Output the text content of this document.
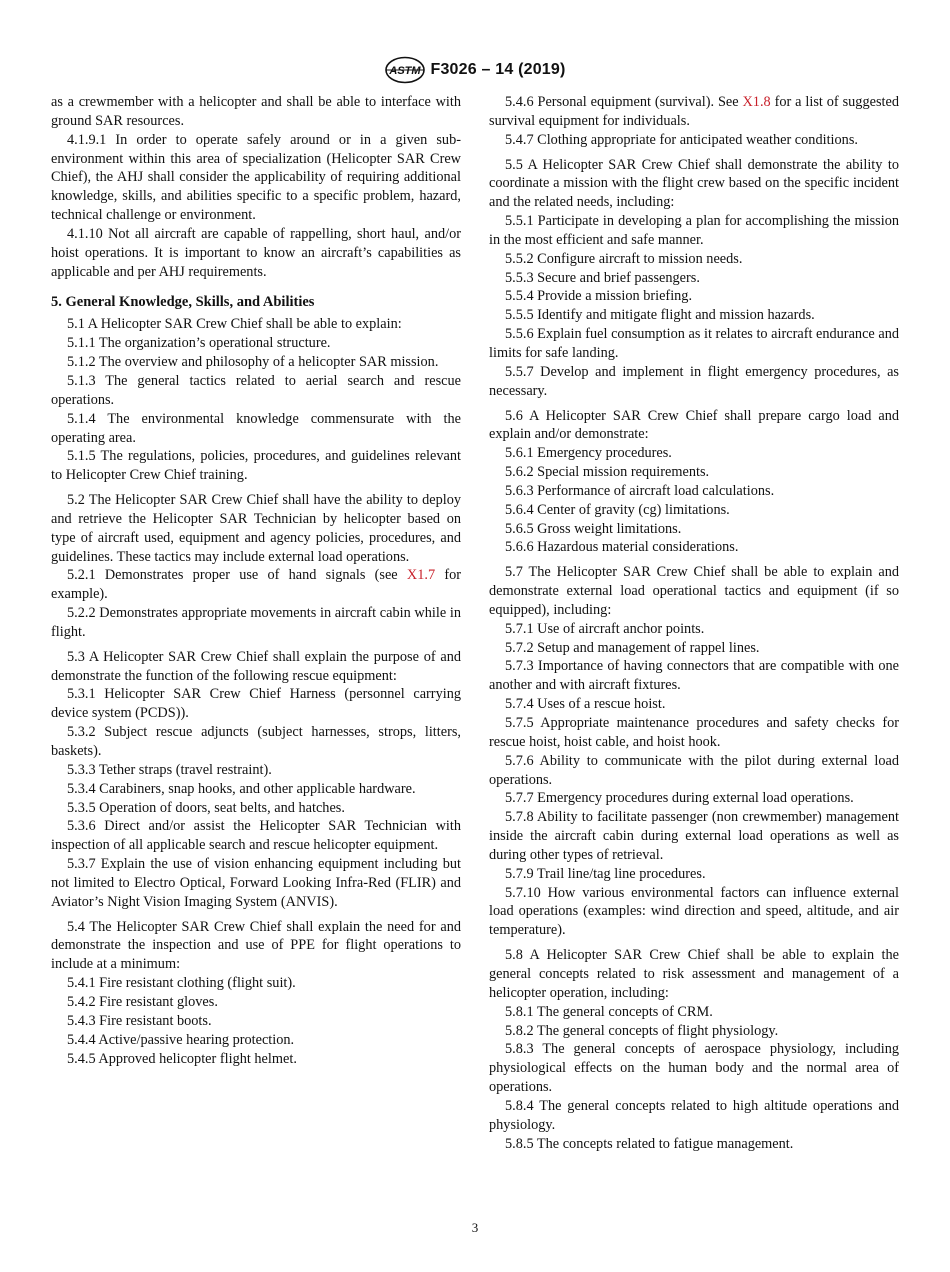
ASTM F3026 – 14 (2019)

as a crewmember with a helicopter and shall be able to interface with ground SAR resources.

4.1.9.1 In order to operate safely around or in a given sub-environment within this area of specialization (Helicopter SAR Crew Chief), the AHJ shall consider the applicability of requiring additional knowledge, skills, and abilities specific to a specific problem, hazard, technical challenge or environment.

4.1.10 Not all aircraft are capable of rappelling, short haul, and/or hoist operations. It is important to know an aircraft’s capabilities as applicable and per AHJ requirements.

5. General Knowledge, Skills, and Abilities

5.1 A Helicopter SAR Crew Chief shall be able to explain:

5.1.1 The organization’s operational structure.

5.1.2 The overview and philosophy of a helicopter SAR mission.

5.1.3 The general tactics related to aerial search and rescue operations.

5.1.4 The environmental knowledge commensurate with the operating area.

5.1.5 The regulations, policies, procedures, and guidelines relevant to Helicopter Crew Chief training.

5.2 The Helicopter SAR Crew Chief shall have the ability to deploy and retrieve the Helicopter SAR Technician by helicopter based on type of aircraft used, equipment and agency policies, procedures, and guidelines. These tactics may include external load operations.

5.2.1 Demonstrates proper use of hand signals (see X1.7 for example).

5.2.2 Demonstrates appropriate movements in aircraft cabin while in flight.

5.3 A Helicopter SAR Crew Chief shall explain the purpose of and demonstrate the function of the following rescue equipment:

5.3.1 Helicopter SAR Crew Chief Harness (personnel carrying device system (PCDS)).

5.3.2 Subject rescue adjuncts (subject harnesses, strops, litters, baskets).

5.3.3 Tether straps (travel restraint).

5.3.4 Carabiners, snap hooks, and other applicable hardware.

5.3.5 Operation of doors, seat belts, and hatches.

5.3.6 Direct and/or assist the Helicopter SAR Technician with inspection of all applicable search and rescue helicopter equipment.

5.3.7 Explain the use of vision enhancing equipment including but not limited to Electro Optical, Forward Looking Infra-Red (FLIR) and Aviator’s Night Vision Imaging System (ANVIS).

5.4 The Helicopter SAR Crew Chief shall explain the need for and demonstrate the inspection and use of PPE for flight operations to include at a minimum:

5.4.1 Fire resistant clothing (flight suit).

5.4.2 Fire resistant gloves.

5.4.3 Fire resistant boots.

5.4.4 Active/passive hearing protection.

5.4.5 Approved helicopter flight helmet.

5.4.6 Personal equipment (survival). See X1.8 for a list of suggested survival equipment for individuals.

5.4.7 Clothing appropriate for anticipated weather conditions.

5.5 A Helicopter SAR Crew Chief shall demonstrate the ability to coordinate a mission with the flight crew based on the specific incident and the related needs, including:

5.5.1 Participate in developing a plan for accomplishing the mission in the most efficient and safe manner.

5.5.2 Configure aircraft to mission needs.

5.5.3 Secure and brief passengers.

5.5.4 Provide a mission briefing.

5.5.5 Identify and mitigate flight and mission hazards.

5.5.6 Explain fuel consumption as it relates to aircraft endurance and limits for safe landing.

5.5.7 Develop and implement in flight emergency procedures, as necessary.

5.6 A Helicopter SAR Crew Chief shall prepare cargo load and explain and/or demonstrate:

5.6.1 Emergency procedures.

5.6.2 Special mission requirements.

5.6.3 Performance of aircraft load calculations.

5.6.4 Center of gravity (cg) limitations.

5.6.5 Gross weight limitations.

5.6.6 Hazardous material considerations.

5.7 The Helicopter SAR Crew Chief shall be able to explain and demonstrate external load operational tactics and equipment (if so equipped), including:

5.7.1 Use of aircraft anchor points.

5.7.2 Setup and management of rappel lines.

5.7.3 Importance of having connectors that are compatible with one another and with aircraft fixtures.

5.7.4 Uses of a rescue hoist.

5.7.5 Appropriate maintenance procedures and safety checks for rescue hoist, hoist cable, and hoist hook.

5.7.6 Ability to communicate with the pilot during external load operations.

5.7.7 Emergency procedures during external load operations.

5.7.8 Ability to facilitate passenger (non crewmember) management inside the aircraft cabin during external load operations as well as during other types of retrieval.

5.7.9 Trail line/tag line procedures.

5.7.10 How various environmental factors can influence external load operations (examples: wind direction and speed, altitude, and air temperature).

5.8 A Helicopter SAR Crew Chief shall be able to explain the general concepts related to risk assessment and management of a helicopter operation, including:

5.8.1 The general concepts of CRM.

5.8.2 The general concepts of flight physiology.

5.8.3 The general concepts of aerospace physiology, including physiological effects on the human body and the normal area of operations.

5.8.4 The general concepts related to high altitude operations and physiology.

5.8.5 The concepts related to fatigue management.

3
